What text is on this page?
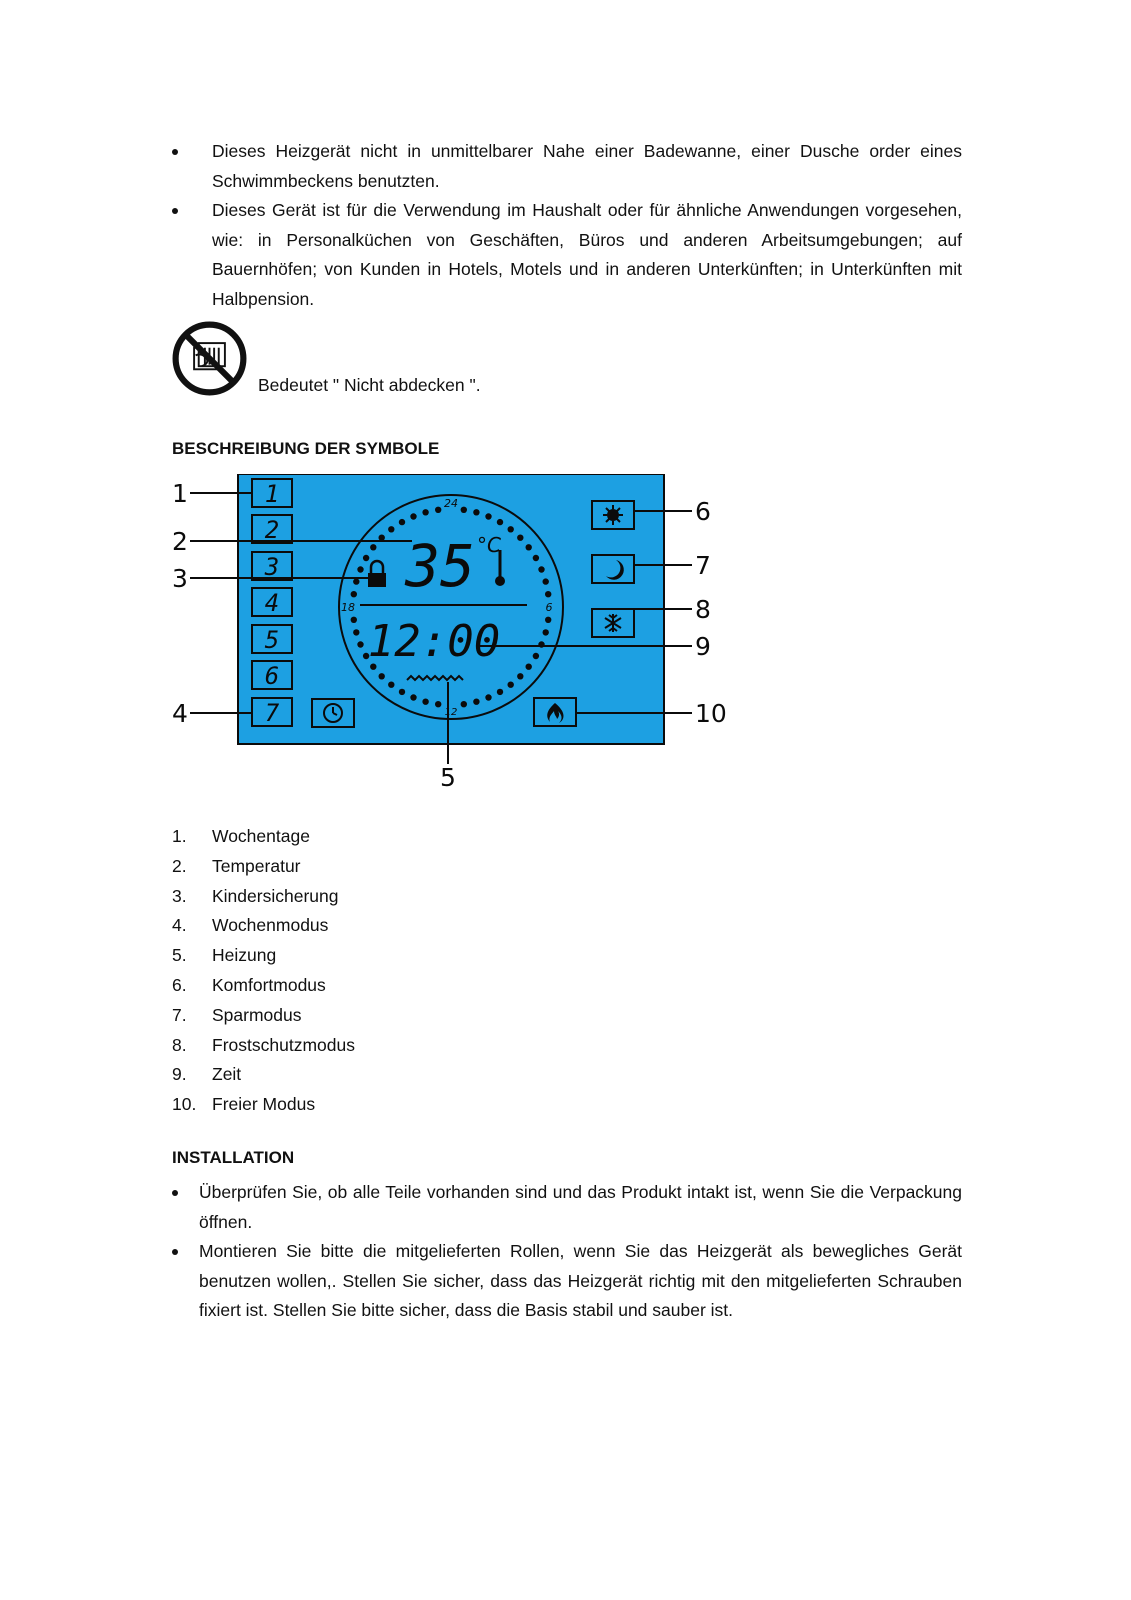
Dieses Heizgerät nicht in unmittelbarer Nahe einer Badewanne, einer Dusche order eines Schwimmbeckens benutzten.
Dieses Gerät ist für die Verwendung im Haushalt oder für ähnliche Anwendungen vorgesehen, wie: in Personalküchen von Geschäften, Büros und anderen Arbeitsumgebungen; auf Bauernhöfen; von Kunden in Hotels, Motels und in anderen Unterkünften; in Unterkünften mit Halbpension.
Bedeutet " Nicht abdecken ".
BESCHREIBUNG DER SYMBOLE
1
2
3
4
5
6
7
24
18	6
12
35 °C
12:00
1
2
3
4
5
6
7
8
9
10
1. Wochentage
2. Temperatur
3. Kindersicherung
4. Wochenmodus
5. Heizung
6. Komfortmodus
7. Sparmodus
8. Frostschutzmodus
9. Zeit
10. Freier Modus
INSTALLATION
Überprüfen Sie, ob alle Teile vorhanden sind und das Produkt intakt ist, wenn Sie die Verpackung öffnen.
Montieren Sie bitte die mitgelieferten Rollen, wenn Sie das Heizgerät als bewegliches Gerät benutzen wollen,. Stellen Sie sicher, dass das Heizgerät richtig mit den mitgelieferten Schrauben fixiert ist. Stellen Sie bitte sicher, dass die Basis stabil und sauber ist.
